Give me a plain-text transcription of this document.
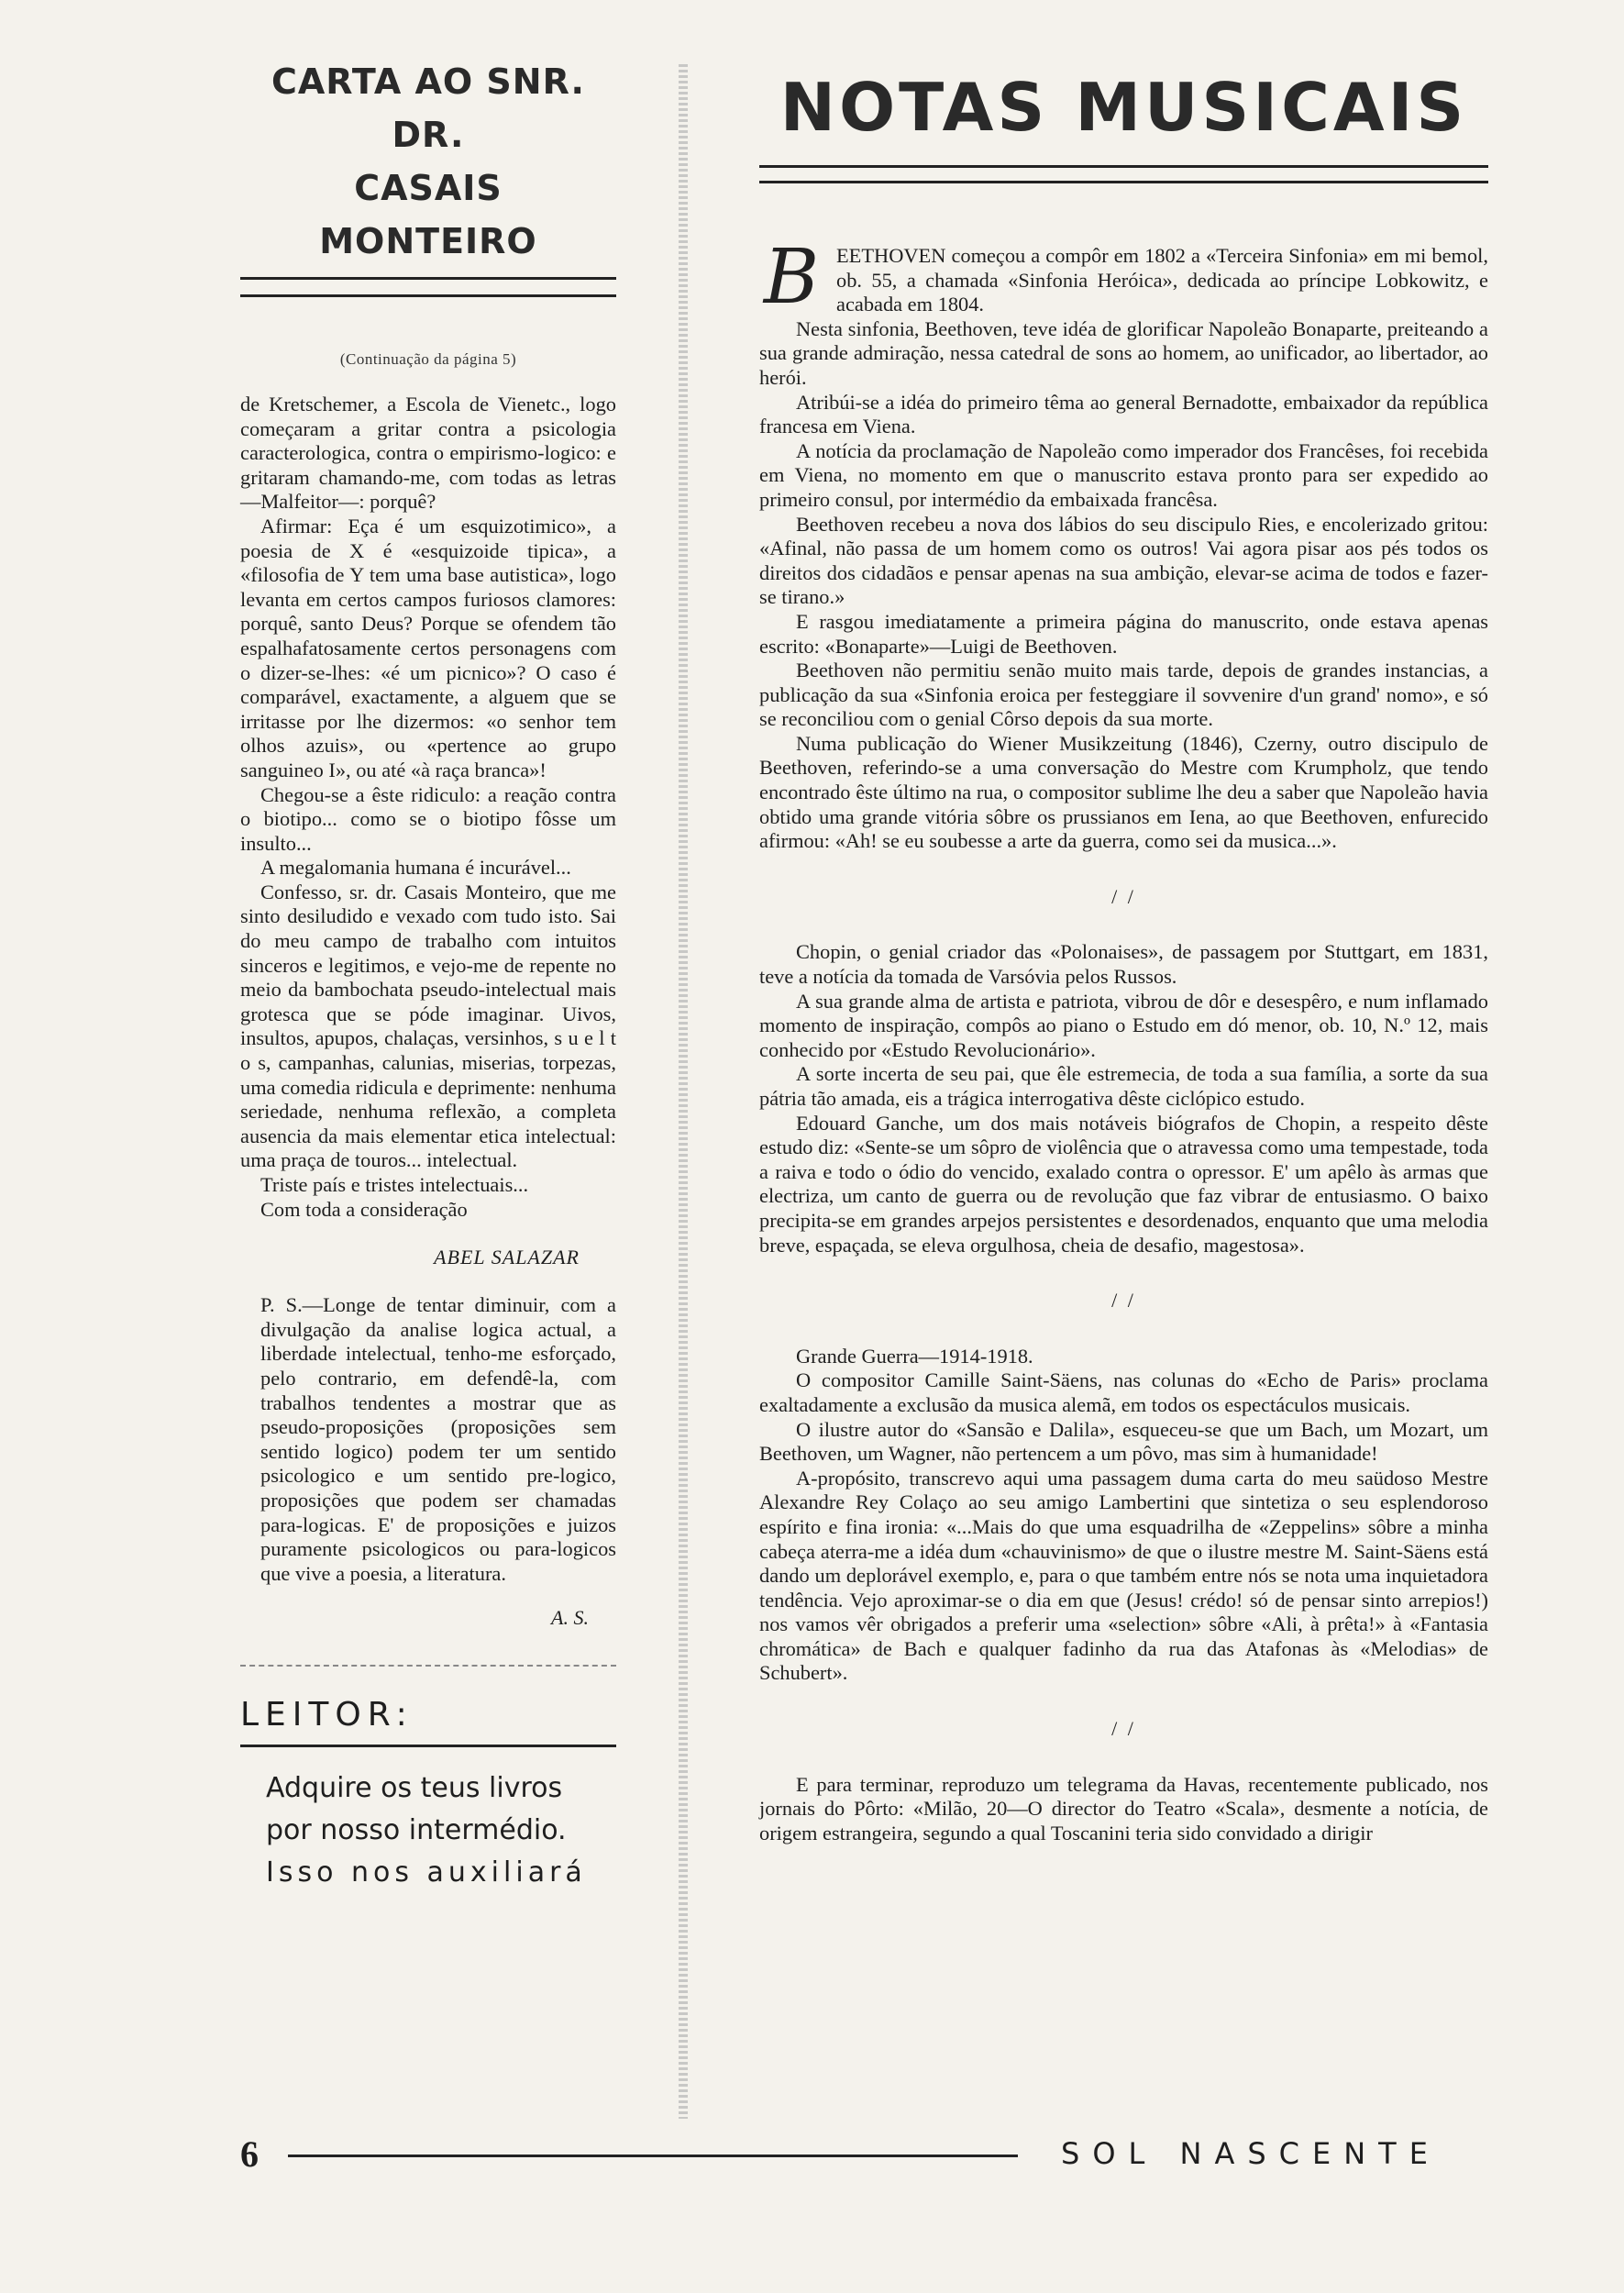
CARTA AO SNR. DR.
CASAIS MONTEIRO
(Continuação da página 5)

de Kretschemer, a Escola de Vienetc., logo começaram a gritar contra a psicologia caracterologica, contra o empirismo-logico: e gritaram chamando-me, com todas as letras—Malfeitor—: porquê?

Afirmar: Eça é um esquizotimico», a poesia de X é «esquizoide tipica», a «filosofia de Y tem uma base autistica», logo levanta em certos campos furiosos clamores: porquê, santo Deus? Porque se ofendem tão espalhafatosamente certos personagens com o dizer-se-lhes: «é um picnico»? O caso é comparável, exactamente, a alguem que se irritasse por lhe dizermos: «o senhor tem olhos azuis», ou «pertence ao grupo sanguineo I», ou até «à raça branca»!

Chegou-se a êste ridiculo: a reação contra o biotipo... como se o biotipo fôsse um insulto...

A megalomania humana é incurável...

Confesso, sr. dr. Casais Monteiro, que me sinto desiludido e vexado com tudo isto. Sai do meu campo de trabalho com intuitos sinceros e legitimos, e vejo-me de repente no meio da bambochata pseudo-intelectual mais grotesca que se póde imaginar. Uivos, insultos, apupos, chalaças, versinhos, s u e l t o s, campanhas, calunias, miserias, torpezas, uma comedia ridicula e deprimente: nenhuma seriedade, nenhuma reflexão, a completa ausencia da mais elementar etica intelectual: uma praça de touros... intelectual.

Triste país e tristes intelectuais...

Com toda a consideração

ABEL SALAZAR
P. S.—Longe de tentar diminuir, com a divulgação da analise logica actual, a liberdade intelectual, tenho-me esforçado, pelo contrario, em defendê-la, com trabalhos tendentes a mostrar que as pseudo-proposições (proposições sem sentido logico) podem ter um sentido psicologico e um sentido pre-logico, proposições que podem ser chamadas para-logicas. E' de proposições e juizos puramente psicologicos ou para-logicos que vive a poesia, a literatura.
A. S.
LEITOR:
Adquire os teus livros
por nosso intermédio.
Isso nos auxiliará
NOTAS MUSICAIS

BEETHOVEN começou a compôr em 1802 a «Terceira Sinfonia» em mi bemol, ob. 55, a chamada «Sinfonia Heróica», dedicada ao príncipe Lobkowitz, e acabada em 1804.

Nesta sinfonia, Beethoven, teve idéa de glorificar Napoleão Bonaparte, preiteando a sua grande admiração, nessa catedral de sons ao homem, ao unificador, ao libertador, ao herói.

Atribúi-se a idéa do primeiro têma ao general Bernadotte, embaixador da república francesa em Viena.

A notícia da proclamação de Napoleão como imperador dos Francêses, foi recebida em Viena, no momento em que o manuscrito estava pronto para ser expedido ao primeiro consul, por intermédio da embaixada francêsa.

Beethoven recebeu a nova dos lábios do seu discipulo Ries, e encolerizado gritou: «Afinal, não passa de um homem como os outros! Vai agora pisar aos pés todos os direitos dos cidadãos e pensar apenas na sua ambição, elevar-se acima de todos e fazer-se tirano.»

E rasgou imediatamente a primeira página do manuscrito, onde estava apenas escrito: «Bonaparte»—Luigi de Beethoven.

Beethoven não permitiu senão muito mais tarde, depois de grandes instancias, a publicação da sua «Sinfonia eroica per festeggiare il sovvenire d'un grand' nomo», e só se reconciliou com o genial Côrso depois da sua morte.

Numa publicação do Wiener Musikzeitung (1846), Czerny, outro discipulo de Beethoven, referindo-se a uma conversação do Mestre com Krumpholz, que tendo encontrado êste último na rua, o compositor sublime lhe deu a saber que Napoleão havia obtido uma grande vitória sôbre os prussianos em Iena, ao que Beethoven, enfurecido afirmou: «Ah! se eu soubesse a arte da guerra, como sei da musica...».

/ /

Chopin, o genial criador das «Polonaises», de passagem por Stuttgart, em 1831, teve a notícia da tomada de Varsóvia pelos Russos.

A sua grande alma de artista e patriota, vibrou de dôr e desespêro, e num inflamado momento de inspiração, compôs ao piano o Estudo em dó menor, ob. 10, N.º 12, mais conhecido por «Estudo Revolucionário».

A sorte incerta de seu pai, que êle estremecia, de toda a sua família, a sorte da sua pátria tão amada, eis a trágica interrogativa dêste ciclópico estudo.

Edouard Ganche, um dos mais notáveis biógrafos de Chopin, a respeito dêste estudo diz: «Sente-se um sôpro de violência que o atravessa como uma tempestade, toda a raiva e todo o ódio do vencido, exalado contra o opressor. E' um apêlo às armas que electriza, um canto de guerra ou de revolução que faz vibrar de entusiasmo. O baixo precipita-se em grandes arpejos persistentes e desordenados, enquanto que uma melodia breve, espaçada, se eleva orgulhosa, cheia de desafio, magestosa».

/ /

Grande Guerra—1914-1918.

O compositor Camille Saint-Säens, nas colunas do «Echo de Paris» proclama exaltadamente a exclusão da musica alemã, em todos os espectáculos musicais.

O ilustre autor do «Sansão e Dalila», esqueceu-se que um Bach, um Mozart, um Beethoven, um Wagner, não pertencem a um pôvo, mas sim à humanidade!

A-propósito, transcrevo aqui uma passagem duma carta do meu saüdoso Mestre Alexandre Rey Colaço ao seu amigo Lambertini que sintetiza o seu esplendoroso espírito e fina ironia: «...Mais do que uma esquadrilha de «Zeppelins» sôbre a minha cabeça aterra-me a idéa dum «chauvinismo» de que o ilustre mestre M. Saint-Säens está dando um deplorável exemplo, e, para o que também entre nós se nota uma inquietadora tendência. Vejo aproximar-se o dia em que (Jesus! crédo! só de pensar sinto arrepios!) nos vamos vêr obrigados a preferir uma «selection» sôbre «Ali, à prêta!» à «Fantasia chromática» de Bach e qualquer fadinho da rua das Atafonas às «Melodias» de Schubert».

/ /

E para terminar, reproduzo um telegrama da Havas, recentemente publicado, nos jornais do Pôrto: «Milão, 20—O director do Teatro «Scala», desmente a notícia, de origem estrangeira, segundo a qual Toscanini teria sido convidado a dirigir

6	SOL NASCENTE
